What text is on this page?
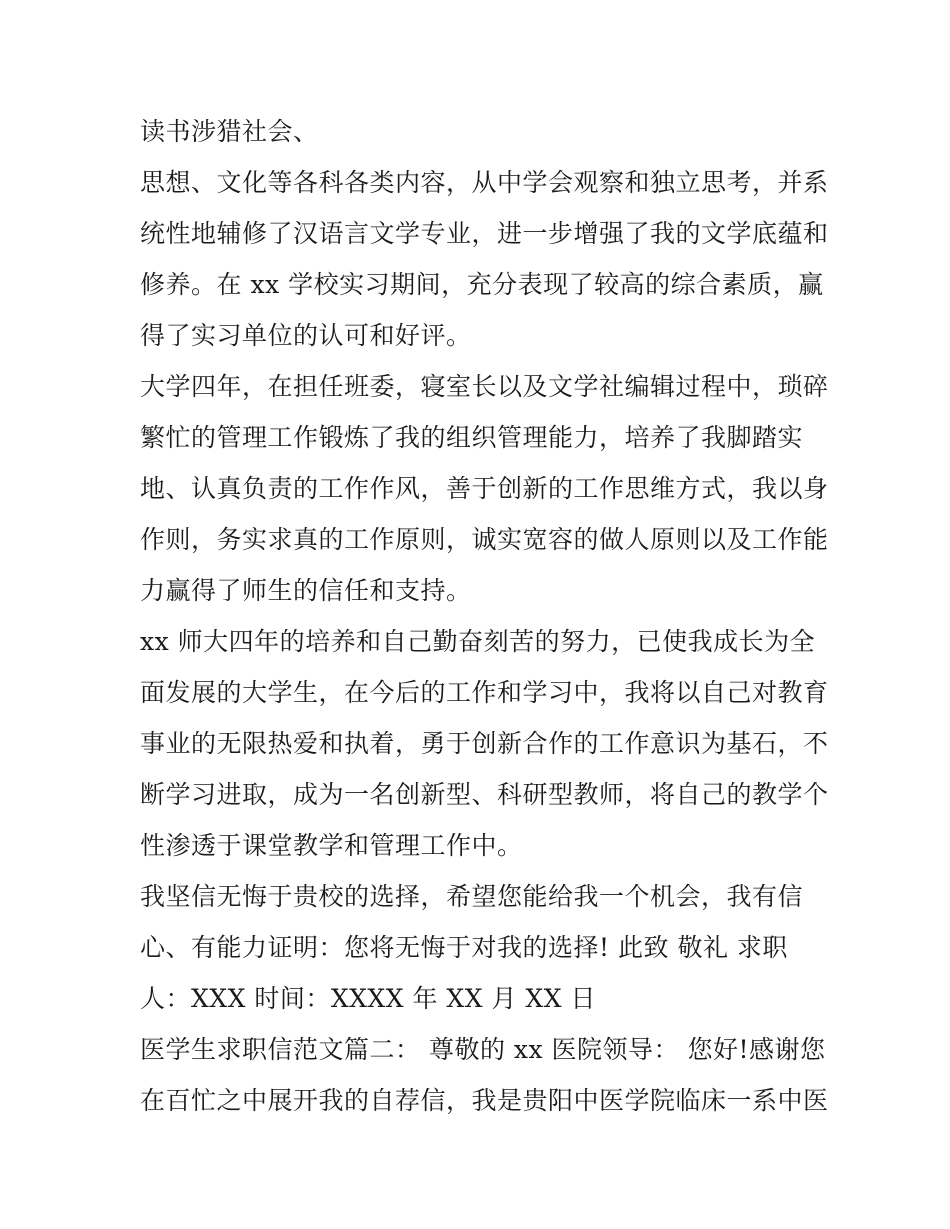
读书涉猎社会、
思想、文化等各科各类内容，从中学会观察和独立思考，并系
统性地辅修了汉语言文学专业，进一步增强了我的文学底蕴和
修养。在 xx 学校实习期间，充分表现了较高的综合素质，赢
得了实习单位的认可和好评。
大学四年，在担任班委，寝室长以及文学社编辑过程中，琐碎
繁忙的管理工作锻炼了我的组织管理能力，培养了我脚踏实
地、认真负责的工作作风，善于创新的工作思维方式，我以身
作则，务实求真的工作原则，诚实宽容的做人原则以及工作能
力赢得了师生的信任和支持。
xx 师大四年的培养和自己勤奋刻苦的努力，已使我成长为全
面发展的大学生，在今后的工作和学习中，我将以自己对教育
事业的无限热爱和执着，勇于创新合作的工作意识为基石，不
断学习进取，成为一名创新型、科研型教师，将自己的教学个
性渗透于课堂教学和管理工作中。
我坚信无悔于贵校的选择，希望您能给我一个机会，我有信
心、有能力证明：您将无悔于对我的选择! 此致 敬礼 求职
人：XXX 时间：XXXX 年 XX 月 XX 日
医学生求职信范文篇二： 尊敬的 xx 医院领导： 您好!感谢您
在百忙之中展开我的自荐信，我是贵阳中医学院临床一系中医
